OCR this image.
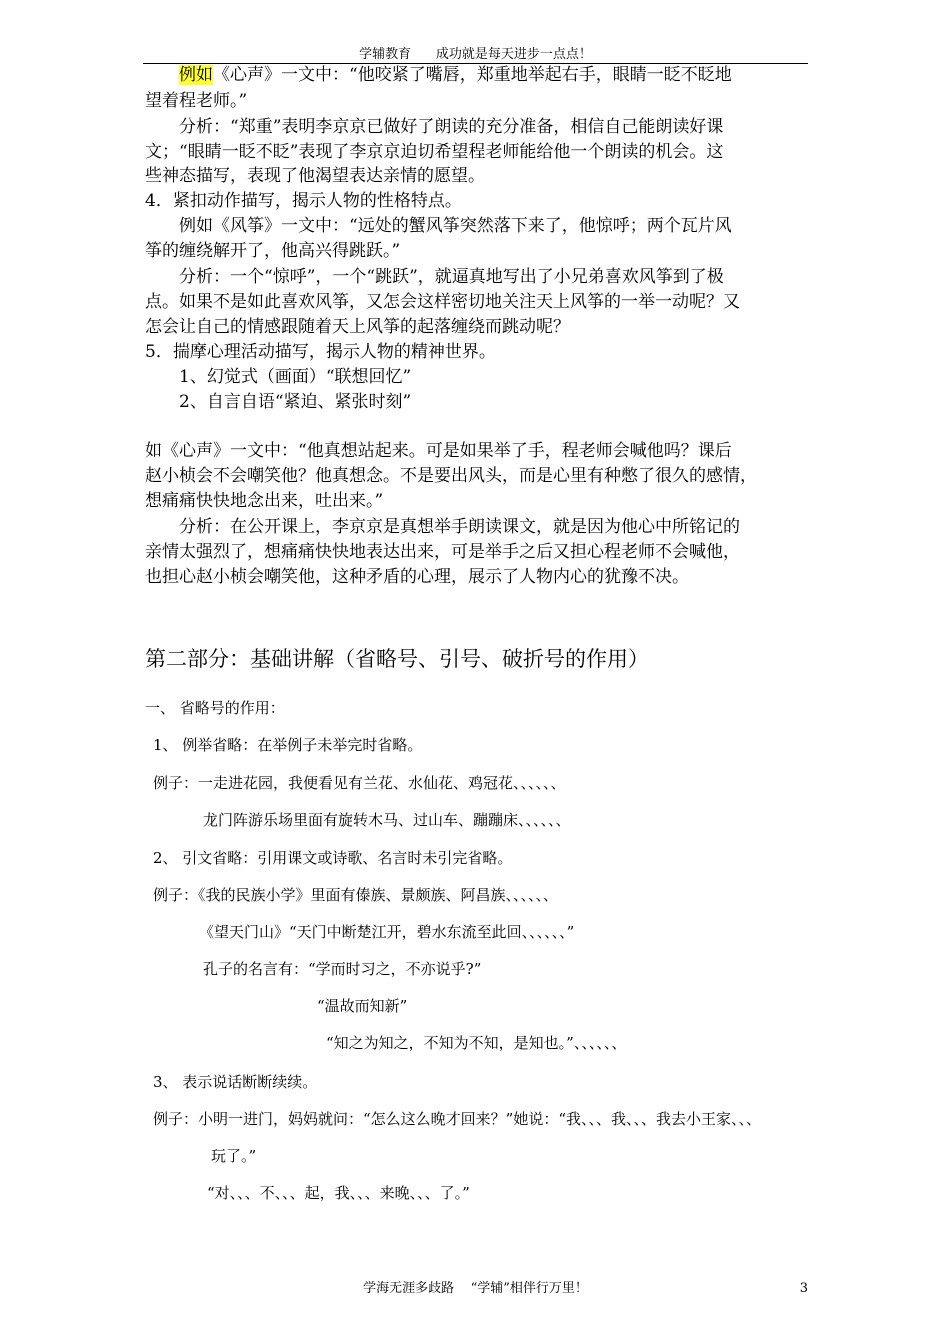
学辅教育      成功就是每天进步一点点！
例如《心声》一文中：“他咬紧了嘴唇，郑重地举起右手，眼睛一眨不眨地
望着程老师。”
分析：“郑重”表明李京京已做好了朗读的充分准备，相信自己能朗读好课
文；“眼睛一眨不眨”表现了李京京迫切希望程老师能给他一个朗读的机会。这
些神态描写，表现了他渴望表达亲情的愿望。
4．紧扣动作描写，揭示人物的性格特点。
例如《风筝》一文中：“远处的蟹风筝突然落下来了，他惊呼；两个瓦片风
筝的缠绕解开了，他高兴得跳跃。”
分析：一个“惊呼”，一个“跳跃”，就逼真地写出了小兄弟喜欢风筝到了极
点。如果不是如此喜欢风筝，又怎会这样密切地关注天上风筝的一举一动呢？又
怎会让自己的情感跟随着天上风筝的起落缠绕而跳动呢？
5．揣摩心理活动描写，揭示人物的精神世界。
1、幻觉式（画面）“联想回忆”
2、自言自语“紧迫、紧张时刻”
如《心声》一文中：“他真想站起来。可是如果举了手，程老师会喊他吗？课后
赵小桢会不会嘲笑他？他真想念。不是要出风头，而是心里有种憋了很久的感情，
想痛痛快快地念出来，吐出来。”
分析：在公开课上，李京京是真想举手朗读课文，就是因为他心中所铭记的
亲情太强烈了，想痛痛快快地表达出来，可是举手之后又担心程老师不会喊他，
也担心赵小桢会嘲笑他，这种矛盾的心理，展示了人物内心的犹豫不决。
第二部分：基础讲解（省略号、引号、破折号的作用）
一、 省略号的作用：
1、 例举省略：在举例子未举完时省略。
例子：一走进花园，我便看见有兰花、水仙花、鸡冠花、、、、、、
龙门阵游乐场里面有旋转木马、过山车、蹦蹦床、、、、、、
2、 引文省略：引用课文或诗歌、名言时未引完省略。
例子：《我的民族小学》里面有傣族、景颇族、阿昌族、、、、、、
《望天门山》“天门中断楚江开，碧水东流至此回、、、、、、”
孔子的名言有：“学而时习之，不亦说乎?”
“温故而知新”
“知之为知之，不知为不知，是知也。”、、、、、、
3、 表示说话断断续续。
例子：小明一进门，妈妈就问：“怎么这么晚才回来？”她说：“我、、、我、、、我去小王家、、、
玩了。”
“对、、、不、、、起，我、、、来晚、、、了。”
学海无涯多歧路    “学辅”相伴行万里！	3
